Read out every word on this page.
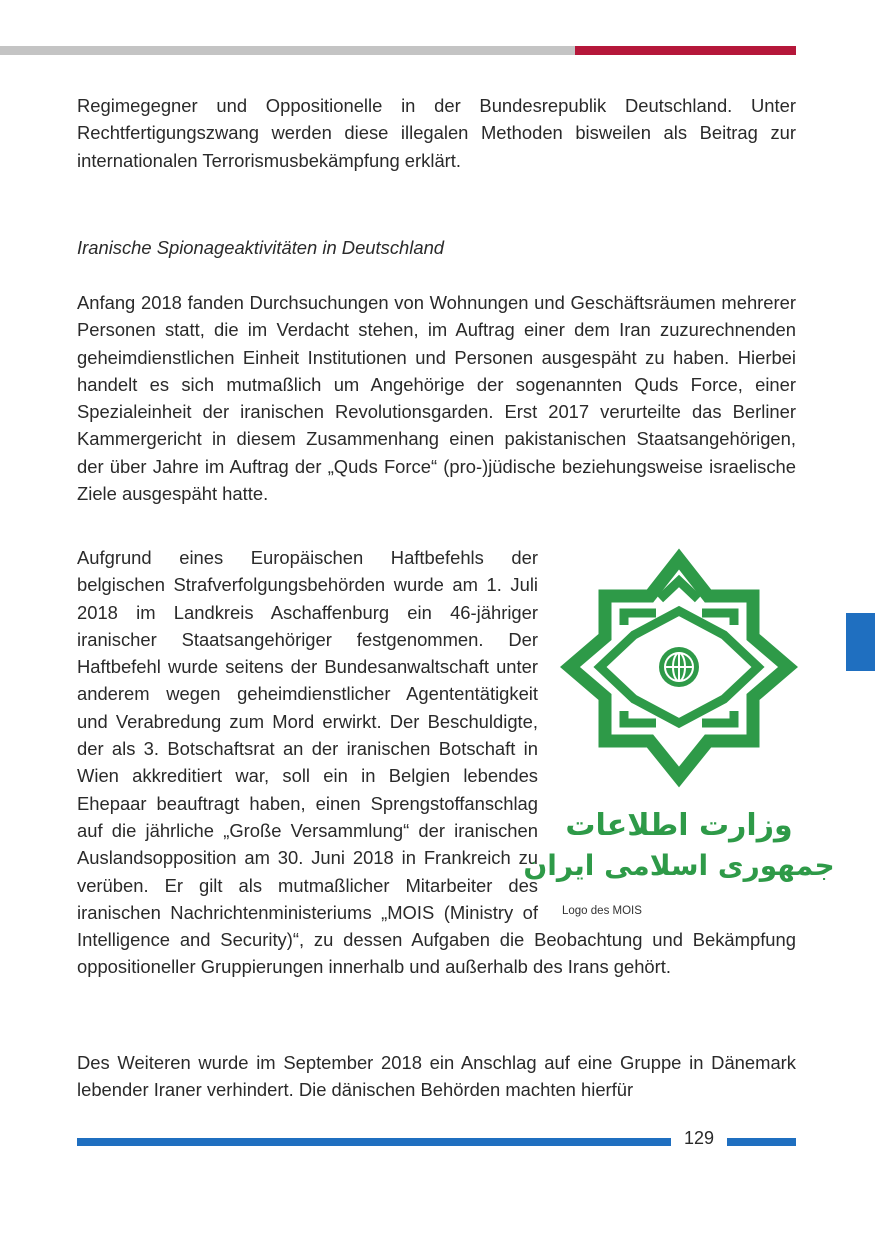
Regimegegner und Oppositionelle in der Bundesrepublik Deutschland. Unter Rechtfertigungszwang werden diese illegalen Methoden bisweilen als Beitrag zur internationalen Terrorismusbekämpfung erklärt.

Iranische Spionageaktivitäten in Deutschland

Anfang 2018 fanden Durchsuchungen von Wohnungen und Geschäftsräumen mehrerer Personen statt, die im Verdacht stehen, im Auftrag einer dem Iran zuzurechnenden geheimdienstlichen Einheit Institutionen und Personen ausgespäht zu haben. Hierbei handelt es sich mutmaßlich um Angehörige der sogenannten Quds Force, einer Spezialeinheit der iranischen Revolutionsgarden. Erst 2017 verurteilte das Berliner Kammergericht in diesem Zusammenhang einen pakistanischen Staatsangehörigen, der über Jahre im Auftrag der „Quds Force“ (pro-)jüdische beziehungsweise israelische Ziele ausgespäht hatte.

Aufgrund eines Europäischen Haftbefehls der belgischen Strafverfolgungsbehörden wurde am 1. Juli 2018 im Landkreis Aschaffenburg ein 46-jähriger iranischer Staatsangehöriger festgenommen. Der Haftbefehl wurde seitens der Bundesanwaltschaft unter anderem wegen geheimdienstlicher Agententätigkeit und Verabredung zum Mord erwirkt. Der Beschuldigte, der als 3. Botschaftsrat an der iranischen Botschaft in Wien akkreditiert war, soll ein in Belgien lebendes Ehepaar beauftragt haben, einen Sprengstoffanschlag auf die jährliche „Große Versammlung“ der iranischen Auslandsopposition am 30. Juni 2018 in Frankreich zu verüben. Er gilt als mutmaßlicher Mitarbeiter des iranischen Nachrichtenministeriums „MOIS (Ministry of Intelligence and Security)“, zu dessen Aufgaben die Beobachtung und Bekämpfung oppositioneller Gruppierungen innerhalb und außerhalb des Irans gehört.

Des Weiteren wurde im September 2018 ein Anschlag auf eine Gruppe in Dänemark lebender Iraner verhindert. Die dänischen Behörden machten hierfür

وزارت اطلاعات
جمهوری اسلامی ایران
Logo des MOIS
129
